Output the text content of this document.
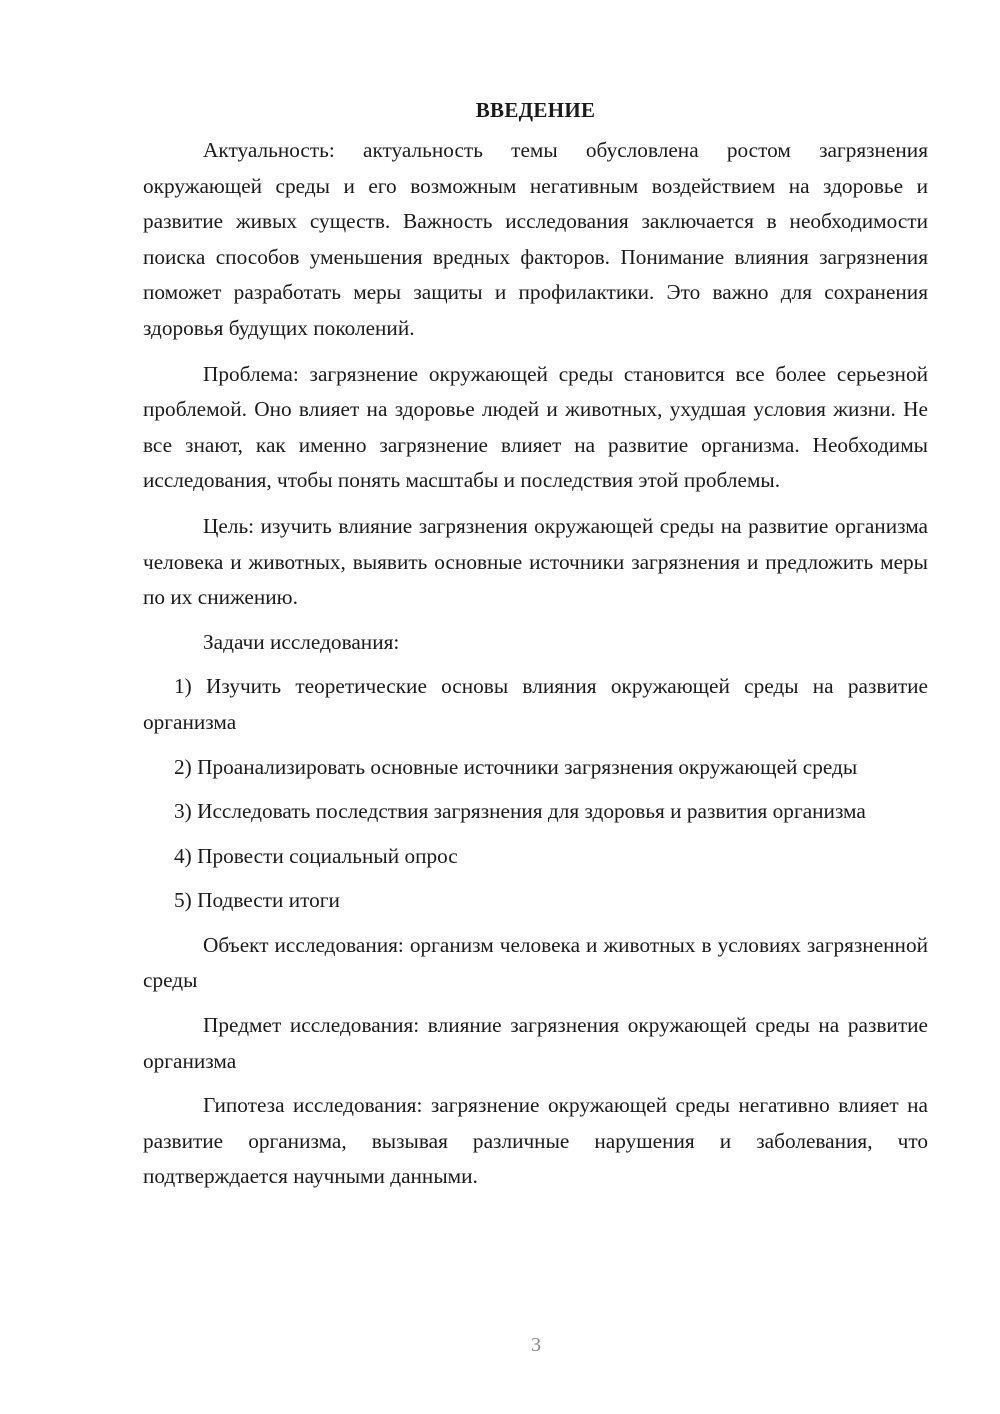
ВВЕДЕНИЕ

Актуальность: актуальность темы обусловлена ростом загрязнения окружающей среды и его возможным негативным воздействием на здоровье и развитие живых существ. Важность исследования заключается в необходимости поиска способов уменьшения вредных факторов. Понимание влияния загрязнения поможет разработать меры защиты и профилактики. Это важно для сохранения здоровья будущих поколений.

Проблема: загрязнение окружающей среды становится все более серьезной проблемой. Оно влияет на здоровье людей и животных, ухудшая условия жизни. Не все знают, как именно загрязнение влияет на развитие организма. Необходимы исследования, чтобы понять масштабы и последствия этой проблемы.

Цель: изучить влияние загрязнения окружающей среды на развитие организма человека и животных, выявить основные источники загрязнения и предложить меры по их снижению.

Задачи исследования:

1) Изучить теоретические основы влияния окружающей среды на развитие организма

2) Проанализировать основные источники загрязнения окружающей среды

3) Исследовать последствия загрязнения для здоровья и развития организма

4) Провести социальный опрос

5) Подвести итоги

Объект исследования: организм человека и животных в условиях загрязненной среды

Предмет исследования: влияние загрязнения окружающей среды на развитие организма

Гипотеза исследования: загрязнение окружающей среды негативно влияет на развитие организма, вызывая различные нарушения и заболевания, что подтверждается научными данными.

3
